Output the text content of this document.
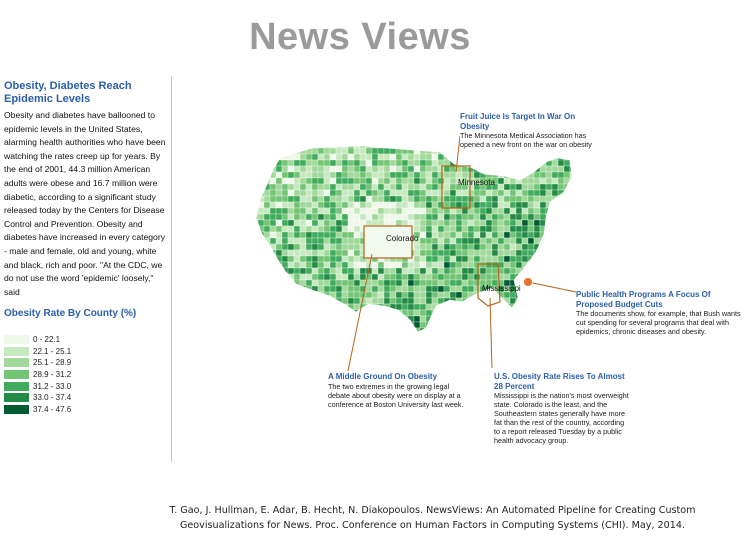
News Views
Obesity, Diabetes Reach Epidemic Levels

Obesity and diabetes have ballooned to epidemic levels in the United States, alarming health authorities who have been watching the rates creep up for years. By the end of 2001, 44.3 million American adults were obese and 16.7 million were diabetic, according to a significant study released today by the Centers for Disease Control and Prevention. Obesity and diabetes have increased in every category - male and female, old and young, white and black, rich and poor. "At the CDC, we do not use the word 'epidemic' loosely," said

Obesity Rate By County (%)
0 - 22.1
22.1 - 25.1
25.1 - 28.9
28.9 - 31.2
31.2 - 33.0
33.0 - 37.4
37.4 - 47.6
Fruit Juice Is Target In War On Obesity
The Minnesota Medical Association has opened a new front on the war on obesity
Public Health Programs A Focus Of Proposed Budget Cuts
The documents show, for example, that Bush wants cut spending for several programs that deal with epidemics, chronic diseases and obesity.
A Middle Ground On Obesity
The two extremes in the growing legal debate about obesity were on display at a conference at Boston University last week.
U.S. Obesity Rate Rises To Almost 28 Percent
Mississippi is the nation's most overweight state. Colorado is the least, and the Southeastern states generally have more fat than the rest of the country, according to a report released Tuesday by a public health advocacy group.
Minnesota
Colorado
Mississippi
T. Gao, J. Hullman, E. Adar, B. Hecht, N. Diakopoulos. NewsViews: An Automated Pipeline for Creating Custom
Geovisualizations for News. Proc. Conference on Human Factors in Computing Systems (CHI). May, 2014.
